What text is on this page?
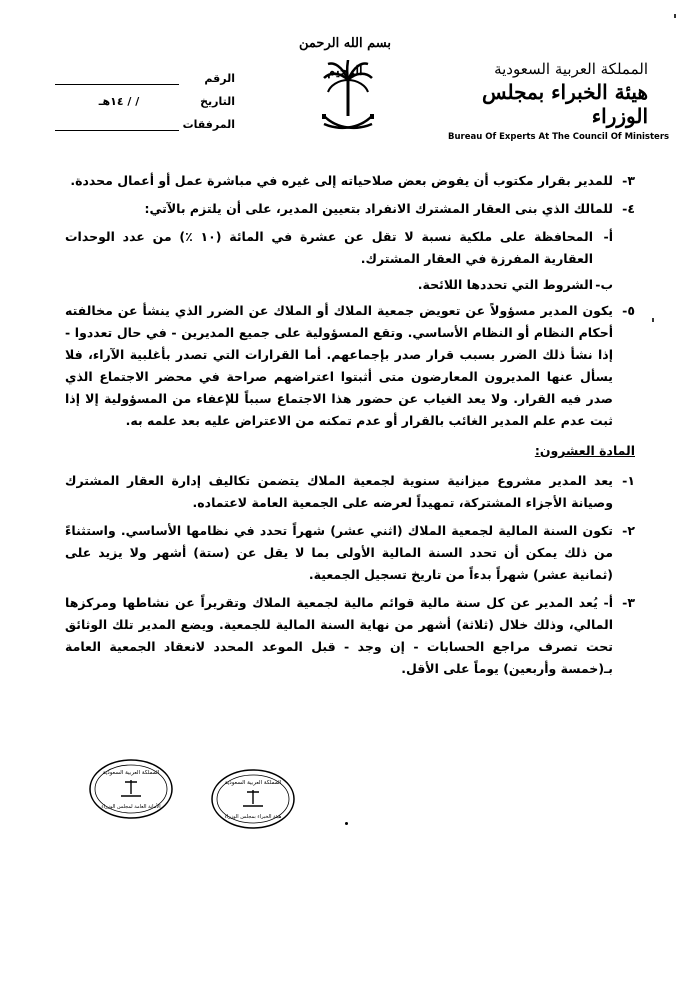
بسم الله الرحمن الرحيم
الرقم
التاريخ
/ / ١٤هـ
المرفقات
المملكة العربية السعودية
هيئة الخبراء بمجلس الوزراء
Bureau Of Experts At The Council Of Ministers
٣-
للمدير بقرار مكتوب أن يفوض بعض صلاحياته إلى غيره في مباشرة عمل أو أعمال محددة.
٤-
للمالك الذي بنى العقار المشترك الانفراد بتعيين المدير، على أن يلتزم بالآتي:
أ-
المحافظة على ملكية نسبة لا تقل عن عشرة في المائة (١٠ ٪) من عدد الوحدات العقارية المفرزة في العقار المشترك.
ب-
الشروط التي تحددها اللائحة.
٥-
يكون المدير مسؤولاً عن تعويض جمعية الملاك أو الملاك عن الضرر الذي ينشأ عن مخالفته أحكام النظام أو النظام الأساسي. وتقع المسؤولية على جميع المديرين - في حال تعددوا - إذا نشأ ذلك الضرر بسبب قرار صدر بإجماعهم. أما القرارات التي تصدر بأغلبية الآراء، فلا يسأل عنها المديرون المعارضون متى أثبتوا اعتراضهم صراحة في محضر الاجتماع الذي صدر فيه القرار. ولا يعد الغياب عن حضور هذا الاجتماع سبباً للإعفاء من المسؤولية إلا إذا ثبت عدم علم المدير الغائب بالقرار أو عدم تمكنه من الاعتراض عليه بعد علمه به.
المادة العشرون:
١-
يعد المدير مشروع ميزانية سنوية لجمعية الملاك يتضمن تكاليف إدارة العقار المشترك وصيانة الأجزاء المشتركة، تمهيداً لعرضه على الجمعية العامة لاعتماده.
٢-
تكون السنة المالية لجمعية الملاك (اثني عشر) شهراً تحدد في نظامها الأساسي. واستثناءً من ذلك يمكن أن تحدد السنة المالية الأولى بما لا يقل عن (ستة) أشهر ولا يزيد على (ثمانية عشر) شهراً بدءاً من تاريخ تسجيل الجمعية.
٣-
أ- يُعد المدير عن كل سنة مالية قوائم مالية لجمعية الملاك وتقريراً عن نشاطها ومركزها المالي، وذلك خلال (ثلاثة) أشهر من نهاية السنة المالية للجمعية. ويضع المدير تلك الوثائق تحت تصرف مراجع الحسابات - إن وجد - قبل الموعد المحدد لانعقاد الجمعية العامة بـ(خمسة وأربعين) يوماً على الأقل.
المملكة العربية السعودية
الأمانة العامة لمجلس الوزراء
المملكة العربية السعودية
هيئة الخبراء بمجلس الوزراء
